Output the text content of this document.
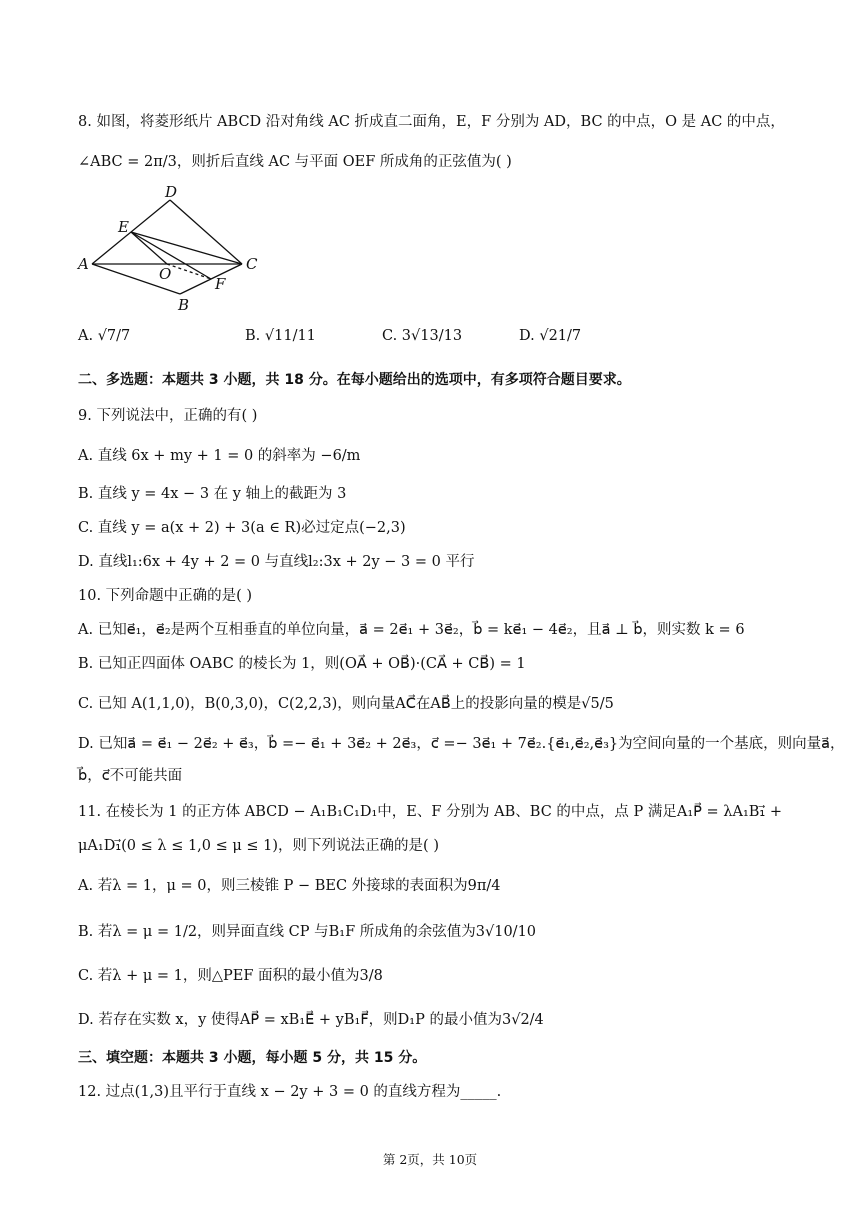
8. 如图，将菱形纸片 ABCD 沿对角线 AC 折成直二面角，E，F 分别为 AD，BC 的中点，O 是 AC 的中点，
∠ABC = 2π/3，则折后直线 AC 与平面 OEF 所成角的正弦值为( )
A
D
C
B
E
F
O
A. √7/7	B. √11/11	C. 3√13/13	D. √21/7
二、多选题：本题共 3 小题，共 18 分。在每小题给出的选项中，有多项符合题目要求。
9. 下列说法中，正确的有( )
A. 直线 6x + my + 1 = 0 的斜率为 −6/m
B. 直线 y = 4x − 3 在 y 轴上的截距为 3
C. 直线 y = a(x + 2) + 3(a ∈ R)必过定点(−2,3)
D. 直线l₁:6x + 4y + 2 = 0 与直线l₂:3x + 2y − 3 = 0 平行
10. 下列命题中正确的是( )
A. 已知e⃗₁，e⃗₂是两个互相垂直的单位向量，a⃗ = 2e⃗₁ + 3e⃗₂，b⃗ = ke⃗₁ − 4e⃗₂，且a⃗ ⊥ b⃗，则实数 k = 6
B. 已知正四面体 OABC 的棱长为 1，则(OA⃗ + OB⃗)·(CA⃗ + CB⃗) = 1
C. 已知 A(1,1,0)，B(0,3,0)，C(2,2,3)，则向量AC⃗在AB⃗上的投影向量的模是√5/5
D. 已知a⃗ = e⃗₁ − 2e⃗₂ + e⃗₃，b⃗ =− e⃗₁ + 3e⃗₂ + 2e⃗₃，c⃗ =− 3e⃗₁ + 7e⃗₂.{e⃗₁,e⃗₂,e⃗₃}为空间向量的一个基底，则向量a⃗，
b⃗，c⃗不可能共面
11. 在棱长为 1 的正方体 ABCD − A₁B₁C₁D₁中，E、F 分别为 AB、BC 的中点，点 P 满足A₁P⃗ = λA₁B₁⃗ +
μA₁D₁⃗(0 ≤ λ ≤ 1,0 ≤ μ ≤ 1)，则下列说法正确的是( )
A. 若λ = 1，μ = 0，则三棱锥 P − BEC 外接球的表面积为9π/4
B. 若λ = μ = 1/2，则异面直线 CP 与B₁F 所成角的余弦值为3√10/10
C. 若λ + μ = 1，则△PEF 面积的最小值为3/8
D. 若存在实数 x，y 使得AP⃗ = xB₁E⃗ + yB₁F⃗，则D₁P 的最小值为3√2/4
三、填空题：本题共 3 小题，每小题 5 分，共 15 分。
12. 过点(1,3)且平行于直线 x − 2y + 3 = 0 的直线方程为_____.
第 2页，共 10页
